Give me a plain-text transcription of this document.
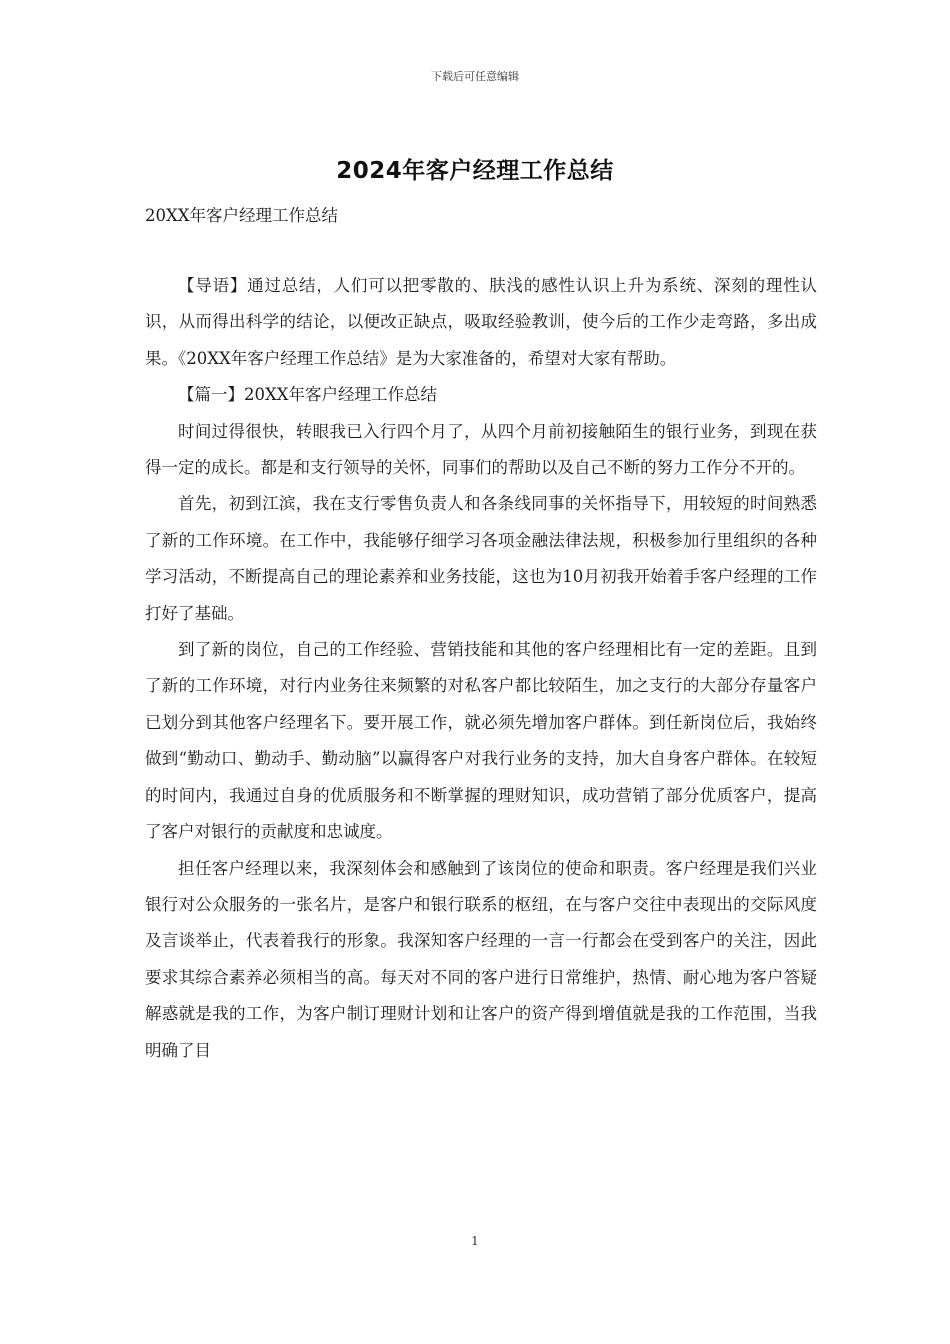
下载后可任意编辑
2024年客户经理工作总结
20XX年客户经理工作总结

【导语】通过总结，人们可以把零散的、肤浅的感性认识上升为系统、深刻的理性认识，从而得出科学的结论，以便改正缺点，吸取经验教训，使今后的工作少走弯路，多出成果。《20XX年客户经理工作总结》是为大家准备的，希望对大家有帮助。

【篇一】20XX年客户经理工作总结

时间过得很快，转眼我已入行四个月了，从四个月前初接触陌生的银行业务，到现在获得一定的成长。都是和支行领导的关怀，同事们的帮助以及自己不断的努力工作分不开的。

首先，初到江滨，我在支行零售负责人和各条线同事的关怀指导下，用较短的时间熟悉了新的工作环境。在工作中，我能够仔细学习各项金融法律法规，积极参加行里组织的各种学习活动，不断提高自己的理论素养和业务技能，这也为10月初我开始着手客户经理的工作打好了基础。

到了新的岗位，自己的工作经验、营销技能和其他的客户经理相比有一定的差距。且到了新的工作环境，对行内业务往来频繁的对私客户都比较陌生，加之支行的大部分存量客户已划分到其他客户经理名下。要开展工作，就必须先增加客户群体。到任新岗位后，我始终做到“勤动口、勤动手、勤动脑”以赢得客户对我行业务的支持，加大自身客户群体。在较短的时间内，我通过自身的优质服务和不断掌握的理财知识，成功营销了部分优质客户，提高了客户对银行的贡献度和忠诚度。

担任客户经理以来，我深刻体会和感触到了该岗位的使命和职责。客户经理是我们兴业银行对公众服务的一张名片，是客户和银行联系的枢纽，在与客户交往中表现出的交际风度及言谈举止，代表着我行的形象。我深知客户经理的一言一行都会在受到客户的关注，因此要求其综合素养必须相当的高。每天对不同的客户进行日常维护，热情、耐心地为客户答疑解惑就是我的工作，为客户制订理财计划和让客户的资产得到增值就是我的工作范围，当我明确了目

1
